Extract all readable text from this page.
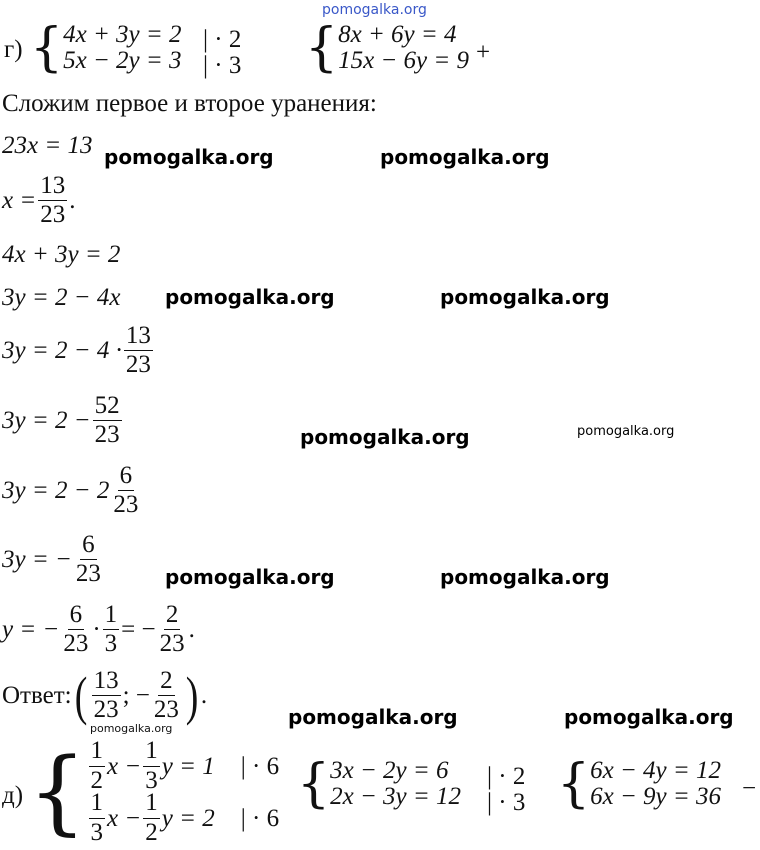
pomogalka.org
г) { 4x + 3y = 2
5x − 2y = 3
| · 2
| · 3 { 8x + 6y = 4
15x − 6y = 9 +
Сложим первое и второе уранения:
23x = 13
$x = \frac{13}{23}$ .
4x + 3y = 2
3y = 2 − 4x
$3y = 2 - 4 \cdot \frac{13}{23}$
$3y = 2 - \frac{52}{23}$
$3y = 2 - 2 \frac{6}{23}$
3y = − $\frac{6}{23}$
y = − $\frac{6}{23} \cdot \frac{1}{3}$ = − $\frac{2}{23}$ .
Ответ: ( $\frac{13}{23}$ ; − $\frac{2}{23}$ ) .
д) { $\frac{1}{2}$ $x - \frac{1}{3}$ y = 1 | · 6
$\frac{1}{3}$ $x - \frac{1}{2}$ y = 2 | · 6
{ 3x − 2y = 6
2x − 3y = 12
| · 2
| · 3 { 6x − 4y = 12
6x − 9y = 36 −
pomogalka.org	pomogalka.org
pomogalka.org	pomogalka.org
pomogalka.org	pomogalka.org
pomogalka.org	pomogalka.org
pomogalka.org	pomogalka.org
pomogalka.org
